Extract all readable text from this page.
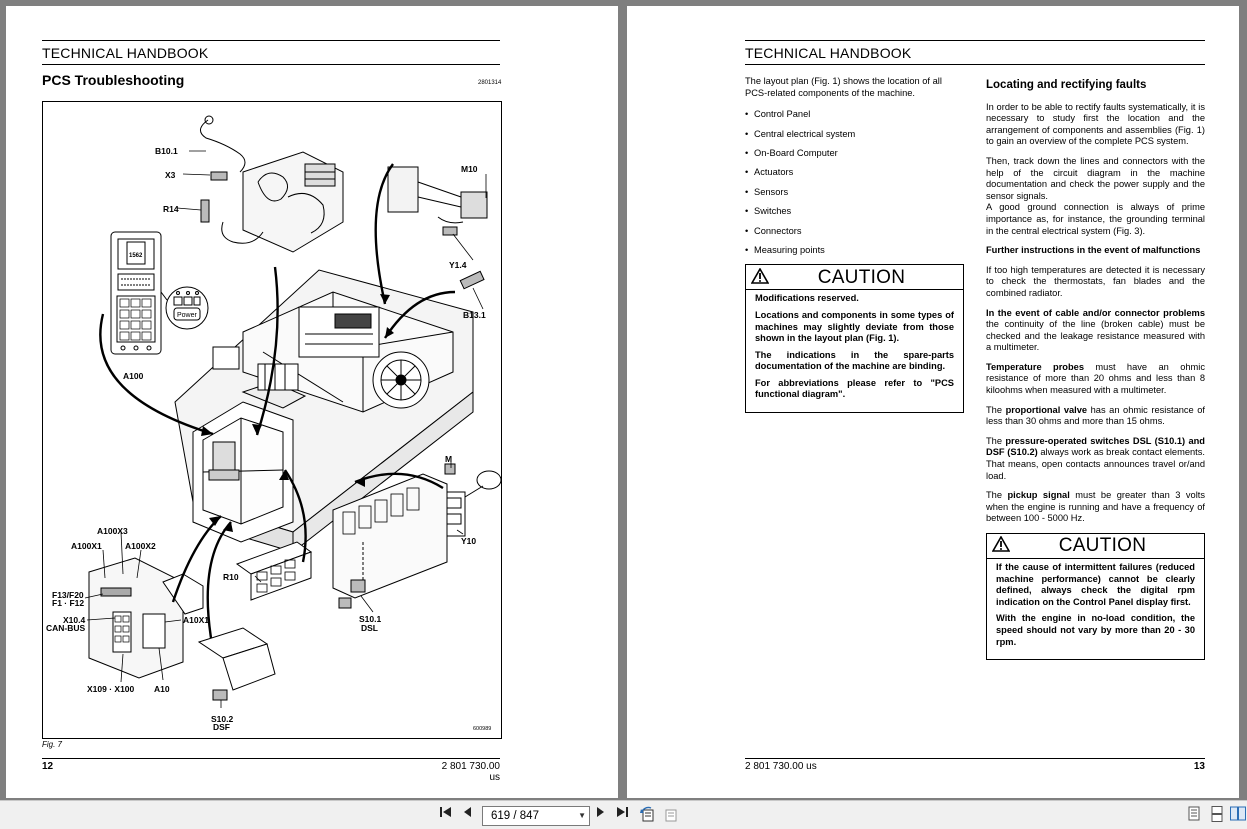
TECHNICAL HANDBOOK
PCS Troubleshooting	2801314
B10.1
X3
R14
M10
Y1.4
B13.1
A100
1562
Power
M
Y10
A100X3
A100X1	A100X2
F13/F20
F1 · F12
X10.4
CAN-BUS
A10X1
R10
S10.1
DSL
X109 · X100 A10
S10.2
DSF	600989
Fig. 7
12	2 801 730.00 us
TECHNICAL HANDBOOK

The layout plan (Fig. 1) shows the location of all PCS-related components of the machine.

• Control Panel
• Central electrical system
• On-Board Computer
• Actuators
• Sensors
• Switches
• Connectors
• Measuring points
CAUTION

Modifications reserved.

Locations and components in some types of machines may slightly deviate from those shown in the layout plan (Fig. 1).

The indications in the spare-parts documentation of the machine are binding.

For abbreviations please refer to "PCS functional diagram".

Locating and rectifying faults

In order to be able to rectify faults systematically, it is necessary to study first the location and the arrangement of components and assemblies (Fig. 1) to gain an overview of the complete PCS system.

Then, track down the lines and connectors with the help of the circuit diagram in the machine documentation and check the power supply and the sensor signals.

A good ground connection is always of prime importance as, for instance, the grounding terminal in the central electrical system (Fig. 3).

Further instructions in the event of malfunctions

If too high temperatures are detected it is necessary to check the thermostats, fan blades and the combined radiator.

In the event of cable and/or connector problems the continuity of the line (broken cable) must be checked and the leakage resistance measured with a multimeter.

Temperature probes must have an ohmic resistance of more than 20 ohms and less than 8 kiloohms when measured with a multimeter.

The proportional valve has an ohmic resistance of less than 30 ohms and more than 15 ohms.

The pressure-operated switches DSL (S10.1) and DSF (S10.2) always work as break contact elements. That means, open contacts announces travel or/and load.

The pickup signal must be greater than 3 volts when the engine is running and have a frequency of between 100 - 5000 Hz.

CAUTION

If the cause of intermittent failures (reduced machine performance) cannot be clearly defined, always check the digital rpm indication on the Control Panel display first.

With the engine in no-load condition, the speed should not vary by more than 20 - 30 rpm.

2 801 730.00 us	13
619 / 847	▼
